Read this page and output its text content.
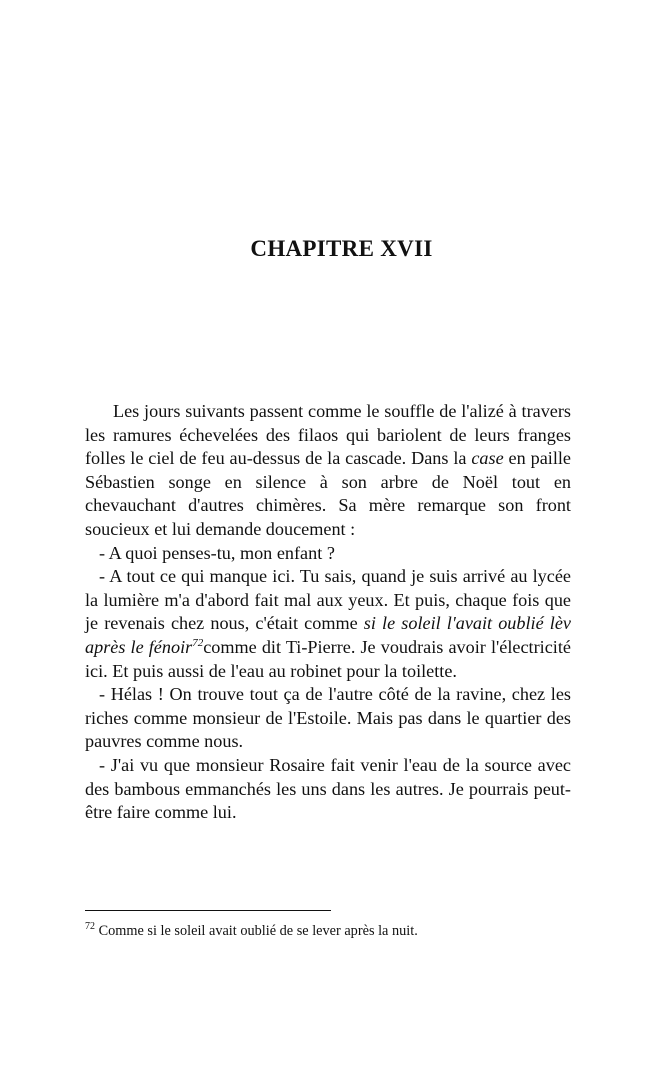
CHAPITRE XVII

Les jours suivants passent comme le souffle de l'alizé à travers les ramures échevelées des filaos qui bariolent de leurs franges folles le ciel de feu au-dessus de la cascade. Dans la case en paille Sébastien songe en silence à son arbre de Noël tout en chevauchant d'autres chimères. Sa mère remarque son front soucieux et lui demande doucement :

- A quoi penses-tu, mon enfant ?

- A tout ce qui manque ici. Tu sais, quand je suis arrivé au lycée la lumière m'a d'abord fait mal aux yeux. Et puis, chaque fois que je revenais chez nous, c'était comme si le soleil l'avait oublié lèv après le fénoir$^{72}$comme dit Ti-Pierre. Je voudrais avoir l'électricité ici. Et puis aussi de l'eau au robinet pour la toilette.

- Hélas ! On trouve tout ça de l'autre côté de la ravine, chez les riches comme monsieur de l'Estoile. Mais pas dans le quartier des pauvres comme nous.

- J'ai vu que monsieur Rosaire fait venir l'eau de la source avec des bambous emmanchés les uns dans les autres. Je pourrais peut-être faire comme lui.

$^{72}$ Comme si le soleil avait oublié de se lever après la nuit.
